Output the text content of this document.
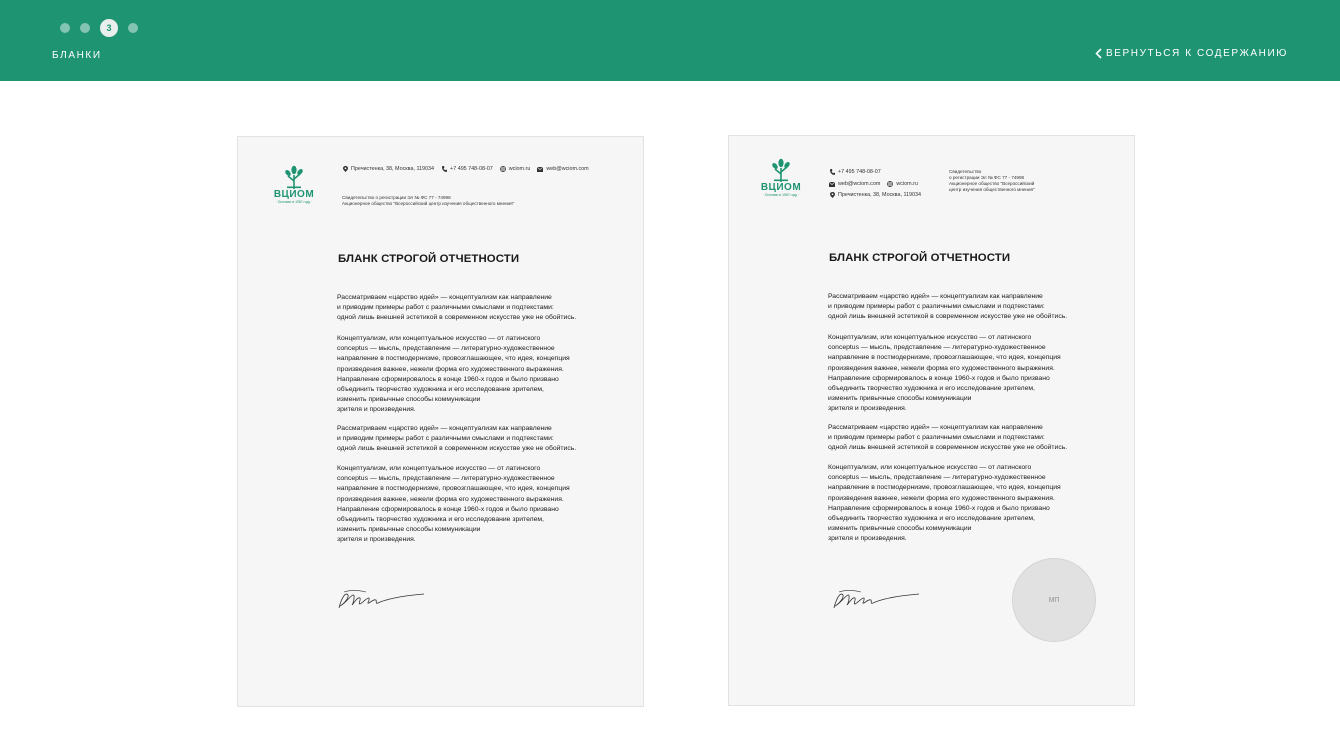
3
БЛАНКИ	ВЕРНУТЬСЯ К СОДЕРЖАНИЮ
ВЦИОМ
· Основан в 1987 году ·
Пречистенка, 38, Москва, 119034	+7 495 748-08-07	wciom.ru	web@wciom.com
Свидетельство о регистрации Эл № ФС 77 - 74998
Акционерное общество "Всероссийский центр изучения общественного мнения"
БЛАНК СТРОГОЙ ОТЧЕТНОСТИ
Рассматриваем «царство идей» — концептуализм как направление
и приводим примеры работ с различными смыслами и подтекстами:
одной лишь внешней эстетикой в современном искусстве уже не обойтись.
Концептуализм, или концептуальное искусство — от латинского
conceptus — мысль, представление — литературно-художественное
направление в постмодернизме, провозглашающее, что идея, концепция
произведения важнее, нежели форма его художественного выражения.
Направление сформировалось в конце 1960-х годов и было призвано
объединить творчество художника и его исследование зрителем,
изменить привычные способы коммуникации
зрителя и произведения.
Рассматриваем «царство идей» — концептуализм как направление
и приводим примеры работ с различными смыслами и подтекстами:
одной лишь внешней эстетикой в современном искусстве уже не обойтись.
Концептуализм, или концептуальное искусство — от латинского
conceptus — мысль, представление — литературно-художественное
направление в постмодернизме, провозглашающее, что идея, концепция
произведения важнее, нежели форма его художественного выражения.
Направление сформировалось в конце 1960-х годов и было призвано
объединить творчество художника и его исследование зрителем,
изменить привычные способы коммуникации
зрителя и произведения.
ВЦИОМ
· Основан в 1987 году ·
+7 495 748-08-07
web@wciom.com	wciom.ru
Пречистенка, 38, Москва, 119034
Свидетельство
о регистрации Эл № ФС 77 - 74998
Акционерное общество "Всероссийский
центр изучения общественного мнения"
БЛАНК СТРОГОЙ ОТЧЕТНОСТИ
Рассматриваем «царство идей» — концептуализм как направление
и приводим примеры работ с различными смыслами и подтекстами:
одной лишь внешней эстетикой в современном искусстве уже не обойтись.
Концептуализм, или концептуальное искусство — от латинского
conceptus — мысль, представление — литературно-художественное
направление в постмодернизме, провозглашающее, что идея, концепция
произведения важнее, нежели форма его художественного выражения.
Направление сформировалось в конце 1960-х годов и было призвано
объединить творчество художника и его исследование зрителем,
изменить привычные способы коммуникации
зрителя и произведения.
Рассматриваем «царство идей» — концептуализм как направление
и приводим примеры работ с различными смыслами и подтекстами:
одной лишь внешней эстетикой в современном искусстве уже не обойтись.
Концептуализм, или концептуальное искусство — от латинского
conceptus — мысль, представление — литературно-художественное
направление в постмодернизме, провозглашающее, что идея, концепция
произведения важнее, нежели форма его художественного выражения.
Направление сформировалось в конце 1960-х годов и было призвано
объединить творчество художника и его исследование зрителем,
изменить привычные способы коммуникации
зрителя и произведения.
МП
